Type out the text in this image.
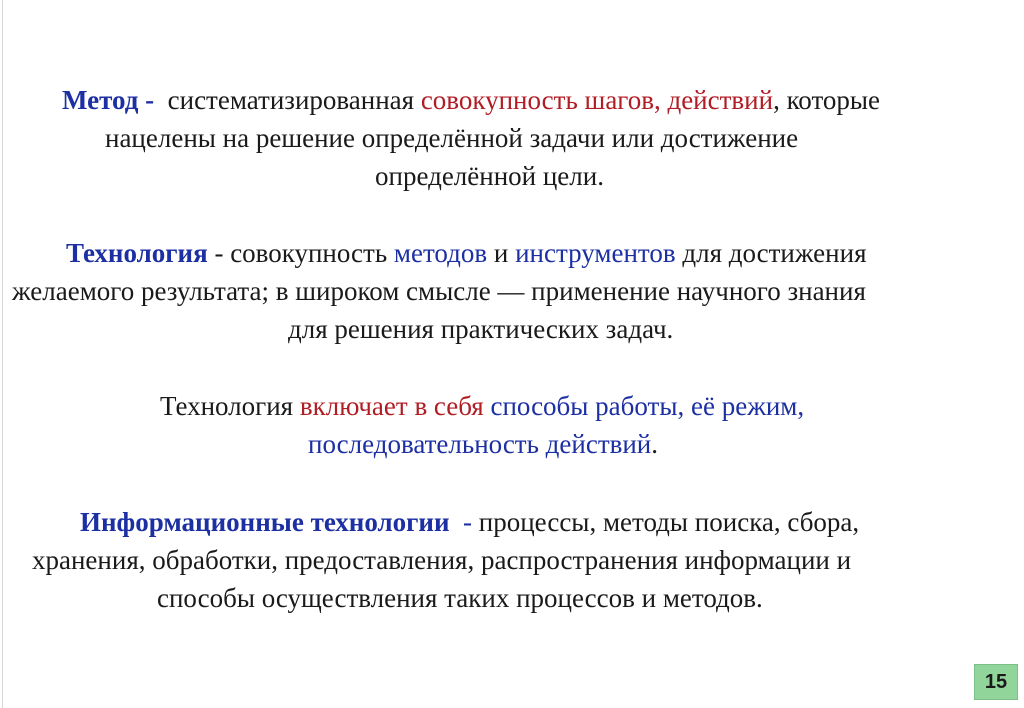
Метод - систематизированная совокупность шагов, действий, которые
нацелены на решение определённой задачи или достижение
определённой цели.
Технология - совокупность методов и инструментов для достижения
желаемого результата; в широком смысле — применение научного знания
для решения практических задач.
Технология включает в себя способы работы, её режим,
последовательность действий.
Информационные технологии  - процессы, методы поиска, сбора,
хранения, обработки, предоставления, распространения информации и
способы осуществления таких процессов и методов.
15
